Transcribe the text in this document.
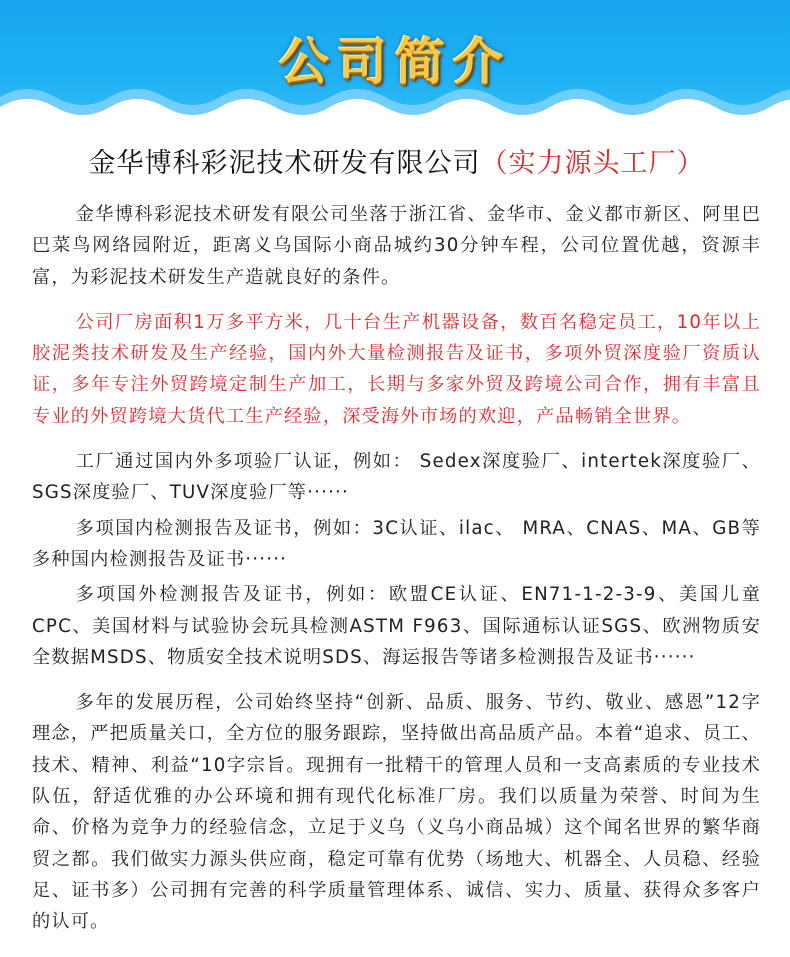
公司简介
金华博科彩泥技术研发有限公司（实力源头工厂）

金华博科彩泥技术研发有限公司坐落于浙江省、金华市、金义都市新区、阿里巴巴菜鸟网络园附近，距离义乌国际小商品城约30分钟车程，公司位置优越，资源丰富，为彩泥技术研发生产造就良好的条件。

公司厂房面积1万多平方米，几十台生产机器设备，数百名稳定员工，10年以上胶泥类技术研发及生产经验，国内外大量检测报告及证书，多项外贸深度验厂资质认证，多年专注外贸跨境定制生产加工，长期与多家外贸及跨境公司合作，拥有丰富且专业的外贸跨境大货代工生产经验，深受海外市场的欢迎，产品畅销全世界。

工厂通过国内外多项验厂认证，例如： Sedex深度验厂、intertek深度验厂、SGS深度验厂、TUV深度验厂等······

多项国内检测报告及证书，例如：3C认证、ilac、 MRA、CNAS、MA、GB等多种国内检测报告及证书······

多项国外检测报告及证书，例如：欧盟CE认证、EN71-1-2-3-9、美国儿童CPC、美国材料与试验协会玩具检测ASTM F963、国际通标认证SGS、欧洲物质安全数据MSDS、物质安全技术说明SDS、海运报告等诸多检测报告及证书······

多年的发展历程，公司始终坚持“创新、品质、服务、节约、敬业、感恩”12字理念，严把质量关口，全方位的服务跟踪，坚持做出高品质产品。本着“追求、员工、技术、精神、利益“10字宗旨。现拥有一批精干的管理人员和一支高素质的专业技术队伍，舒适优雅的办公环境和拥有现代化标准厂房。我们以质量为荣誉、时间为生命、价格为竞争力的经验信念，立足于义乌（义乌小商品城）这个闻名世界的繁华商贸之都。我们做实力源头供应商，稳定可靠有优势（场地大、机器全、人员稳、经验足、证书多）公司拥有完善的科学质量管理体系、诚信、实力、质量、获得众多客户的认可。
